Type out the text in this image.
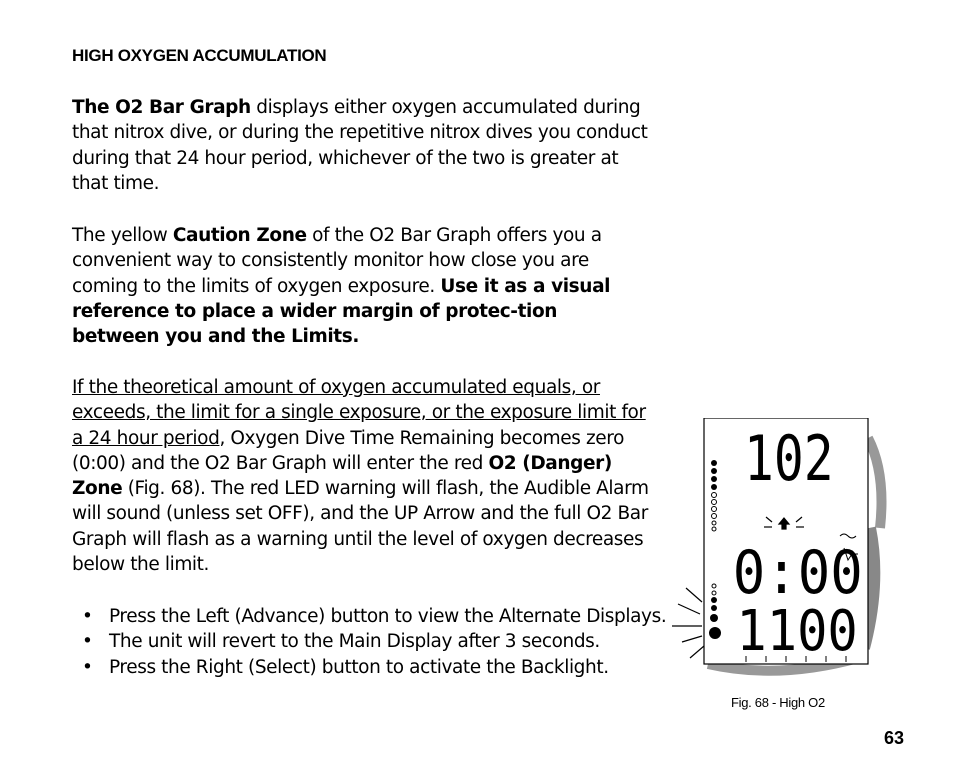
HIGH OXYGEN ACCUMULATION

The O2 Bar Graph displays either oxygen accumulated during that nitrox dive, or during the repetitive nitrox dives you conduct during that 24 hour period, whichever of the two is greater at that time.

The yellow Caution Zone of the O2 Bar Graph offers you a convenient way to consistently monitor how close you are coming to the limits of oxygen exposure. Use it as a visual reference to place a wider margin of protec-tion between you and the Limits.

If the theoretical amount of oxygen accumulated equals, or exceeds, the limit for a single exposure, or the exposure limit for a 24 hour period, Oxygen Dive Time Remaining becomes zero (0:00) and the O2 Bar Graph will enter the red O2 (Danger) Zone (Fig. 68). The red LED warning will flash, the Audible Alarm will sound (unless set OFF), and the UP Arrow and the full O2 Bar Graph will flash as a warning until the level of oxygen decreases below the limit.

• Press the Left (Advance) button to view the Alternate Displays.
• The unit will revert to the Main Display after 3 seconds.
• Press the Right (Select) button to activate the Backlight.
102
0:00
1100
Fig. 68 - High O2
63
